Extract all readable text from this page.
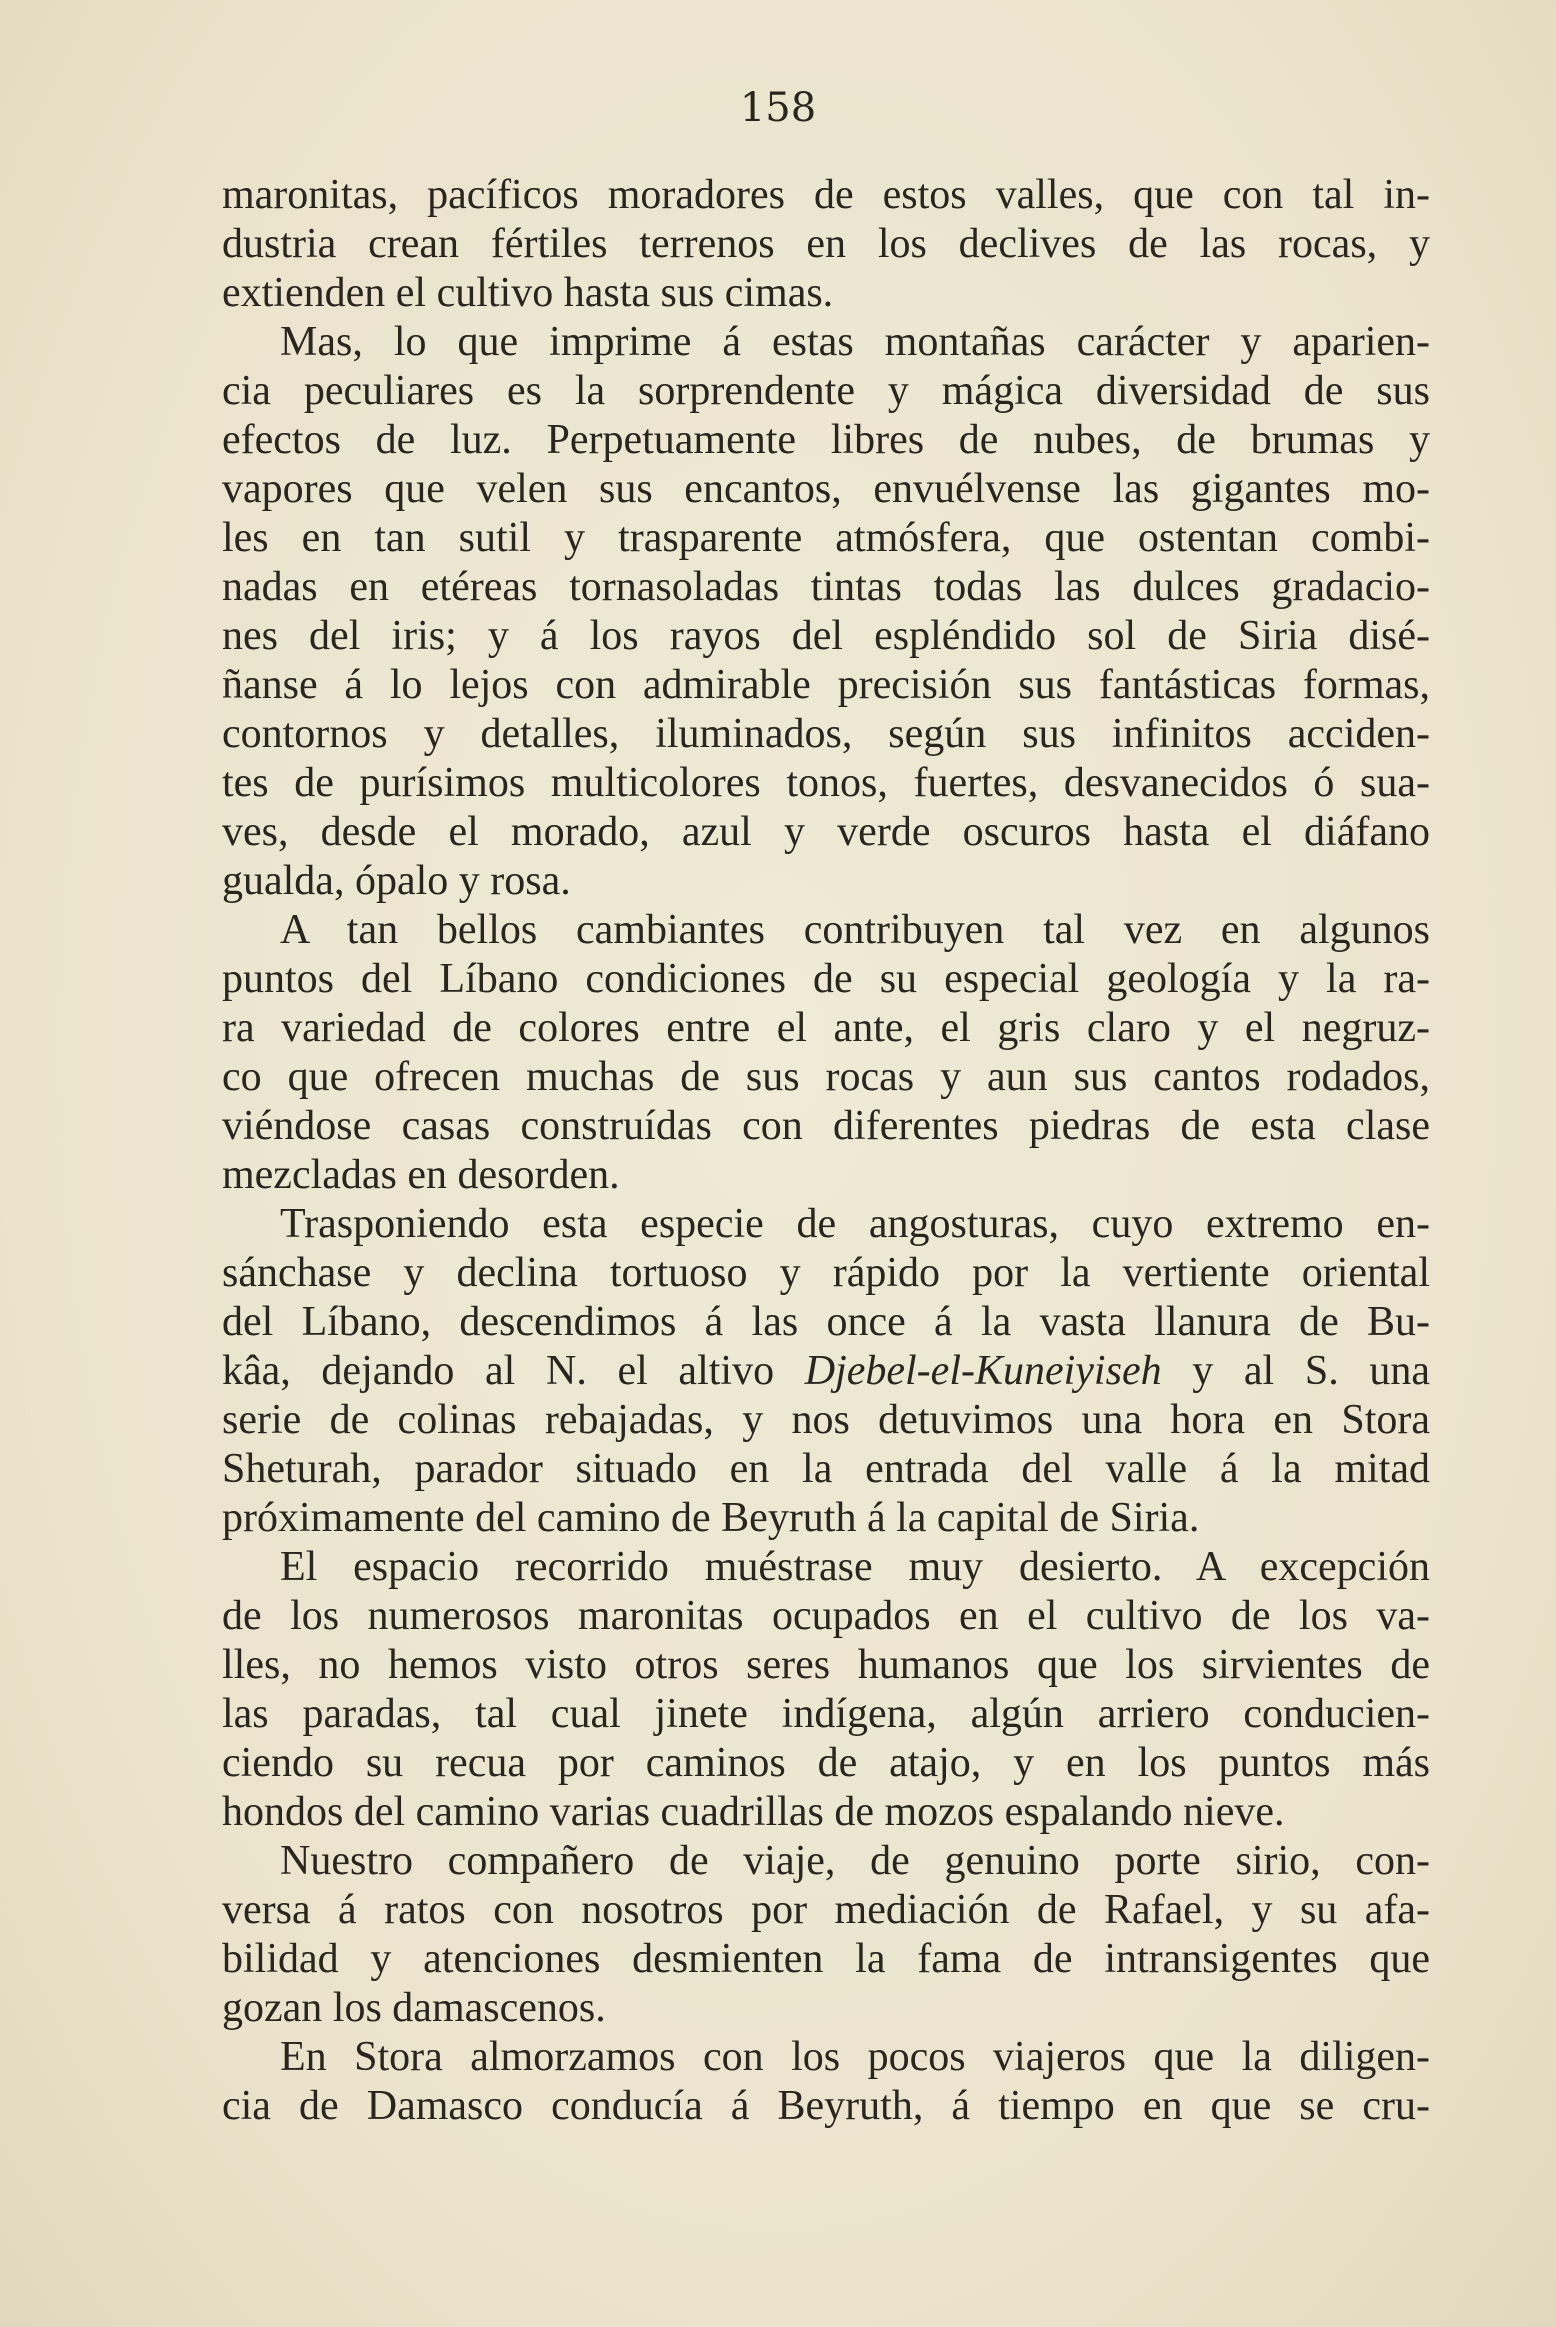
158
maronitas, pacíficos moradores de estos valles, que con tal in-
dustria crean fértiles terrenos en los declives de las rocas, y
extienden el cultivo hasta sus cimas.
Mas, lo que imprime á estas montañas carácter y aparien-
cia peculiares es la sorprendente y mágica diversidad de sus
efectos de luz. Perpetuamente libres de nubes, de brumas y
vapores que velen sus encantos, envuélvense las gigantes mo-
les en tan sutil y trasparente atmósfera, que ostentan combi-
nadas en etéreas tornasoladas tintas todas las dulces gradacio-
nes del iris; y á los rayos del espléndido sol de Siria disé-
ñanse á lo lejos con admirable precisión sus fantásticas formas,
contornos y detalles, iluminados, según sus infinitos acciden-
tes de purísimos multicolores tonos, fuertes, desvanecidos ó sua-
ves, desde el morado, azul y verde oscuros hasta el diáfano
gualda, ópalo y rosa.
A tan bellos cambiantes contribuyen tal vez en algunos
puntos del Líbano condiciones de su especial geología y la ra-
ra variedad de colores entre el ante, el gris claro y el negruz-
co que ofrecen muchas de sus rocas y aun sus cantos rodados,
viéndose casas construídas con diferentes piedras de esta clase
mezcladas en desorden.
Trasponiendo esta especie de angosturas, cuyo extremo en-
sánchase y declina tortuoso y rápido por la vertiente oriental
del Líbano, descendimos á las once á la vasta llanura de Bu-
kâa, dejando al N. el altivo Djebel-el-Kuneiyiseh y al S. una
serie de colinas rebajadas, y nos detuvimos una hora en Stora
Sheturah, parador situado en la entrada del valle á la mitad
próximamente del camino de Beyruth á la capital de Siria.
El espacio recorrido muéstrase muy desierto. A excepción
de los numerosos maronitas ocupados en el cultivo de los va-
lles, no hemos visto otros seres humanos que los sirvientes de
las paradas, tal cual jinete indígena, algún arriero conducien-
ciendo su recua por caminos de atajo, y en los puntos más
hondos del camino varias cuadrillas de mozos espalando nieve.
Nuestro compañero de viaje, de genuino porte sirio, con-
versa á ratos con nosotros por mediación de Rafael, y su afa-
bilidad y atenciones desmienten la fama de intransigentes que
gozan los damascenos.
En Stora almorzamos con los pocos viajeros que la diligen-
cia de Damasco conducía á Beyruth, á tiempo en que se cru-
